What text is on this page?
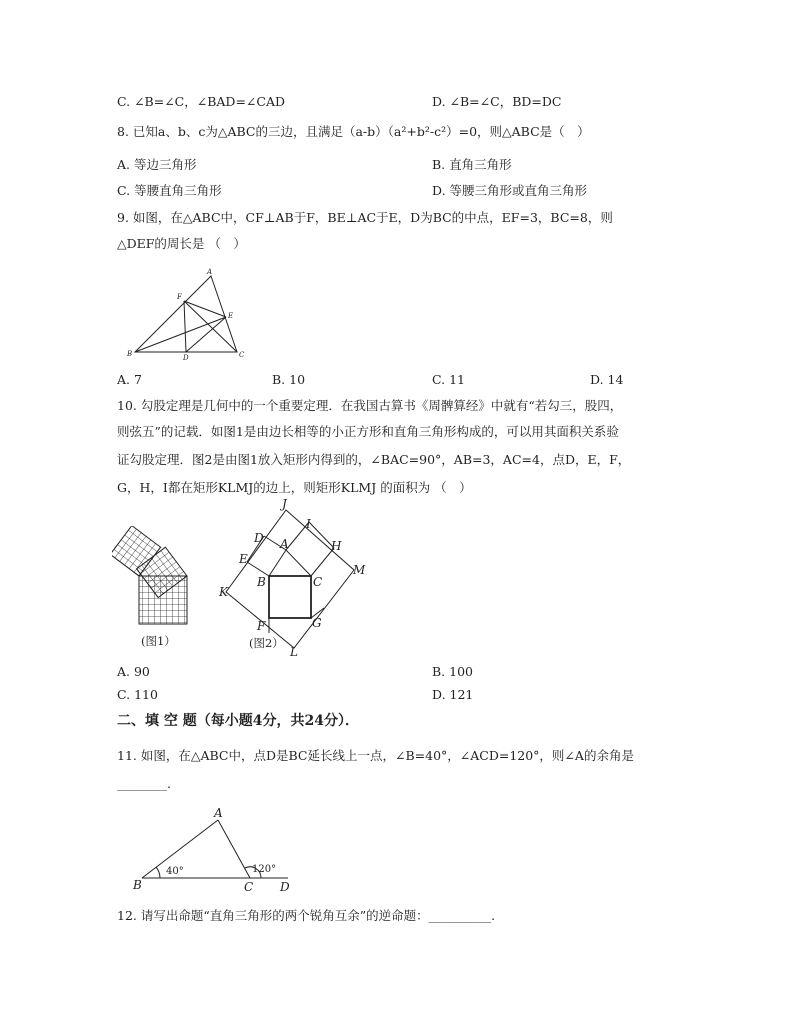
C. ∠B=∠C，∠BAD=∠CAD	D. ∠B=∠C，BD=DC
8. 已知a、b、c为△ABC的三边，且满足（a-b）（a²+b²-c²）=0，则△ABC是（　）
A. 等边三角形	B. 直角三角形
C. 等腰直角三角形	D. 等腰三角形或直角三角形
9. 如图，在△ABC中，CF⊥AB于F，BE⊥AC于E，D为BC的中点，EF=3，BC=8，则
△DEF的周长是 （　）
A
B	C
D
E
F
A. 7	B. 10	C. 11	D. 14
10. 勾股定理是几何中的一个重要定理．在我国古算书《周髀算经》中就有“若勾三，股四，
则弦五”的记载．如图1是由边长相等的小正方形和直角三角形构成的，可以用其面积关系验
证勾股定理．图2是由图1放入矩形内得到的，∠BAC=90°，AB=3，AC=4，点D，E，F，
G，H，I都在矩形KLMJ的边上，则矩形KLMJ 的面积为 （　）
(图1）
J
I
D A	H
E
M
B	C
K
F	G
L
(图2）
A. 90	B. 100
C. 110	D. 121
二、填 空 题（每小题4分，共24分）．
11. 如图，在△ABC中，点D是BC延长线上一点，∠B=40°，∠ACD=120°，则∠A的余角是
________.
A
B	C D
40°	120°
12. 请写出命题“直角三角形的两个锐角互余”的逆命题：__________.
